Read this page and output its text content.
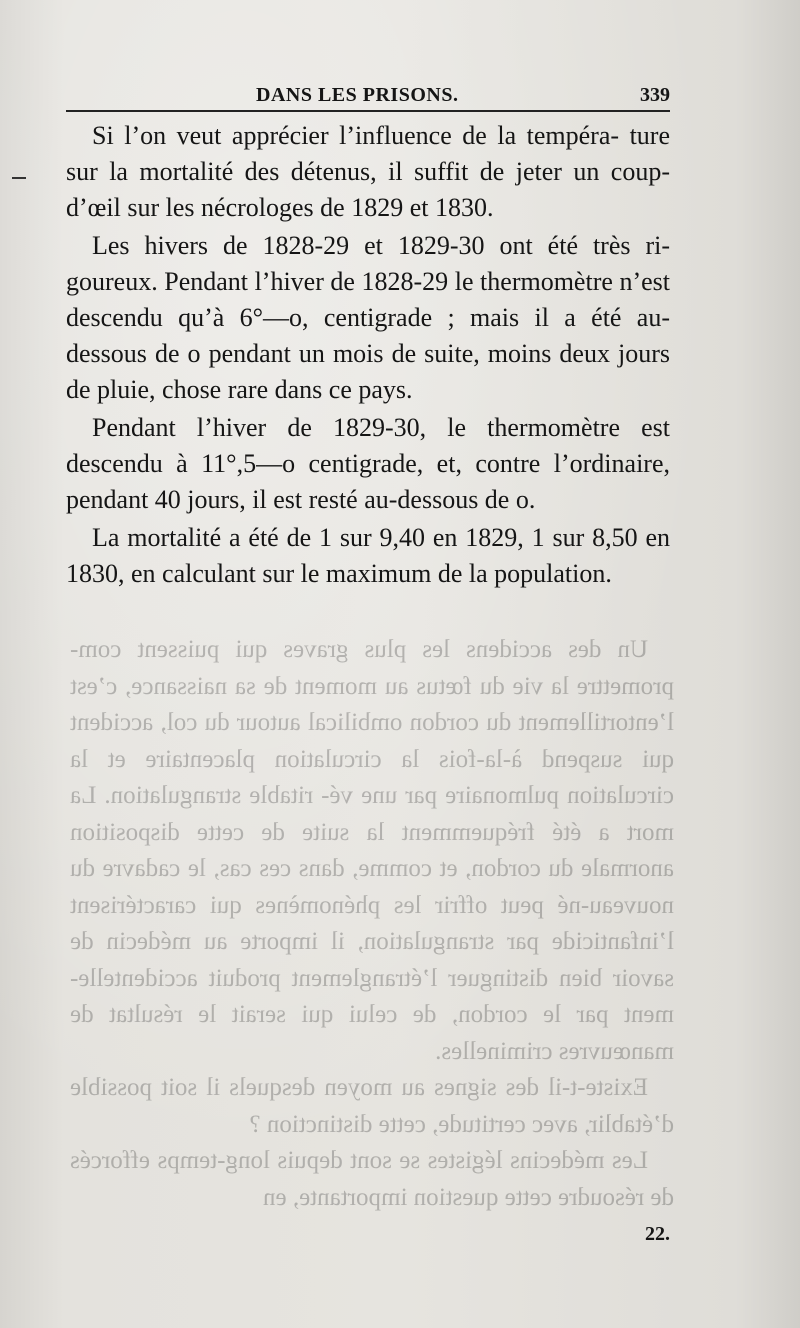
DANS LES PRISONS.	339

Un des accidens les plus graves qui puissent com- promettre la vie du fœtus au moment de sa naissance, c’est l’entortillement du cordon ombilical autour du col, accident qui suspend à-la-fois la circulation placentaire et la circulation pulmonaire par une vé- ritable strangulation. La mort a été fréquemment la suite de cette disposition anormale du cordon, et comme, dans ces cas, le cadavre du nouveau-né peut offrir les phénomènes qui caractérisent l’infanticide par strangulation, il importe au médecin de savoir bien distinguer l’étranglement produit accidentelle- ment par le cordon, de celui qui serait le résultat de manœuvres criminelles.

Existe-t-il des signes au moyen desquels il soit possible d’établir, avec certitude, cette distinction ?

Les médecins légistes se sont depuis long-temps efforcés de résoudre cette question importante, en

Si l’on veut apprécier l’influence de la tempéra- ture sur la mortalité des détenus, il suffit de jeter un coup-d’œil sur les nécrologes de 1829 et 1830.

Les hivers de 1828-29 et 1829-30 ont été très ri- goureux. Pendant l’hiver de 1828-29 le thermomètre n’est descendu qu’à 6°—o, centigrade ; mais il a été au-dessous de o pendant un mois de suite, moins deux jours de pluie, chose rare dans ce pays.

Pendant l’hiver de 1829-30, le thermomètre est descendu à 11°,5—o centigrade, et, contre l’ordinaire, pendant 40 jours, il est resté au-dessous de o.

La mortalité a été de 1 sur 9,40 en 1829, 1 sur 8,50 en 1830, en calculant sur le maximum de la population.

22.
